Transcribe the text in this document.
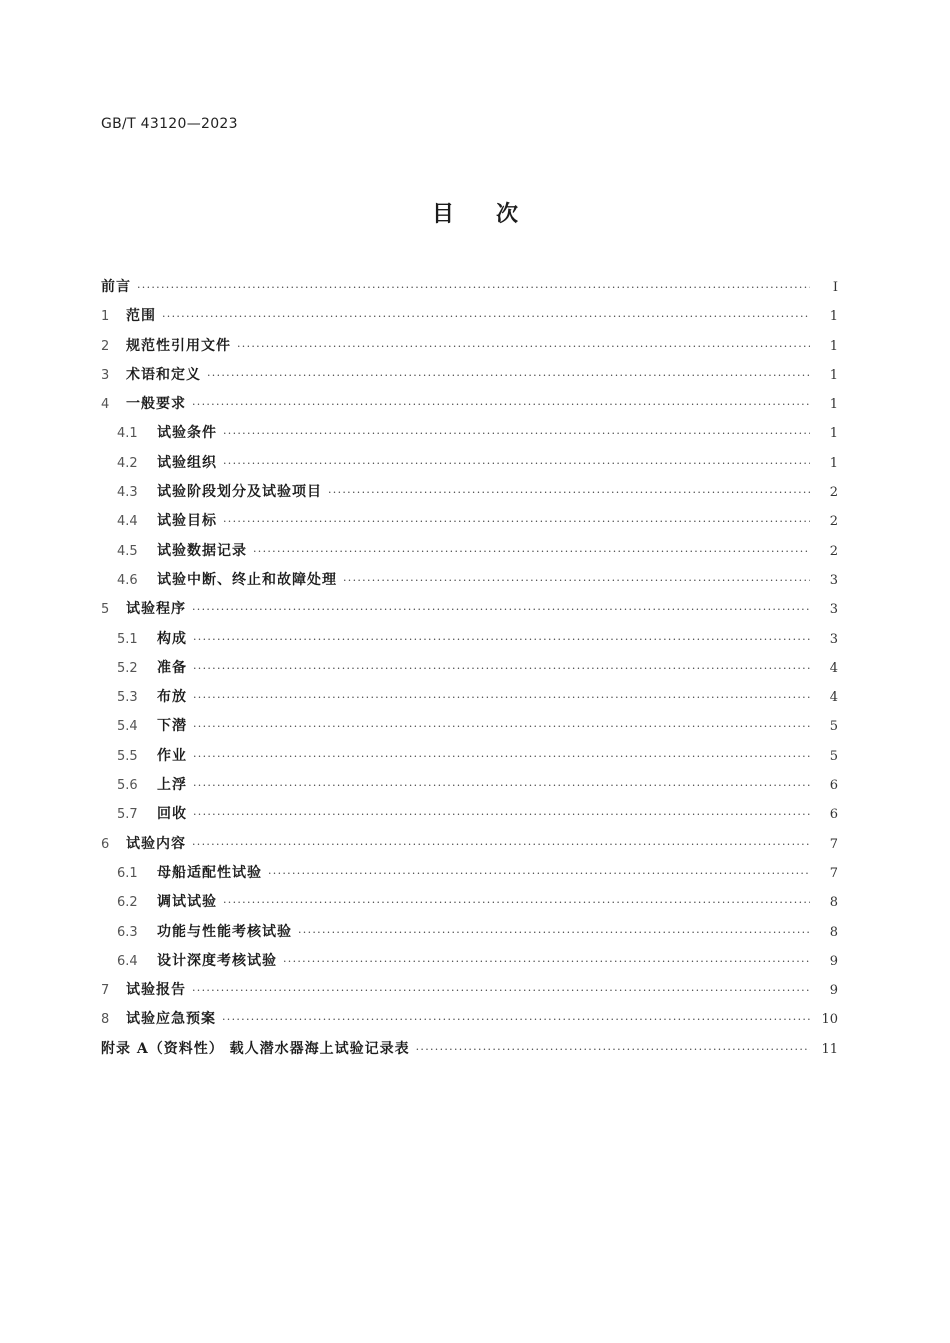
GB/T 43120—2023
目 次
前言 ·····	Ⅰ
1	范围 ·····	1
2	规范性引用文件 ·····	1
3	术语和定义 ·····	1
4	一般要求 ·····	1
4.1	试验条件 ·····	1
4.2	试验组织 ·····	1
4.3	试验阶段划分及试验项目 ·····	2
4.4	试验目标 ·····	2
4.5	试验数据记录 ·····	2
4.6	试验中断、终止和故障处理 ·····	3
5	试验程序 ·····	3
5.1	构成 ·····	3
5.2	准备 ·····	4
5.3	布放 ·····	4
5.4	下潜 ·····	5
5.5	作业 ·····	5
5.6	上浮 ·····	6
5.7	回收 ·····	6
6	试验内容 ·····	7
6.1	母船适配性试验 ·····	7
6.2	调试试验 ·····	8
6.3	功能与性能考核试验 ·····	8
6.4	设计深度考核试验 ·····	9
7	试验报告 ·····	9
8	试验应急预案 ·····	10
附录 A（资料性） 载人潜水器海上试验记录表 ·····	11
